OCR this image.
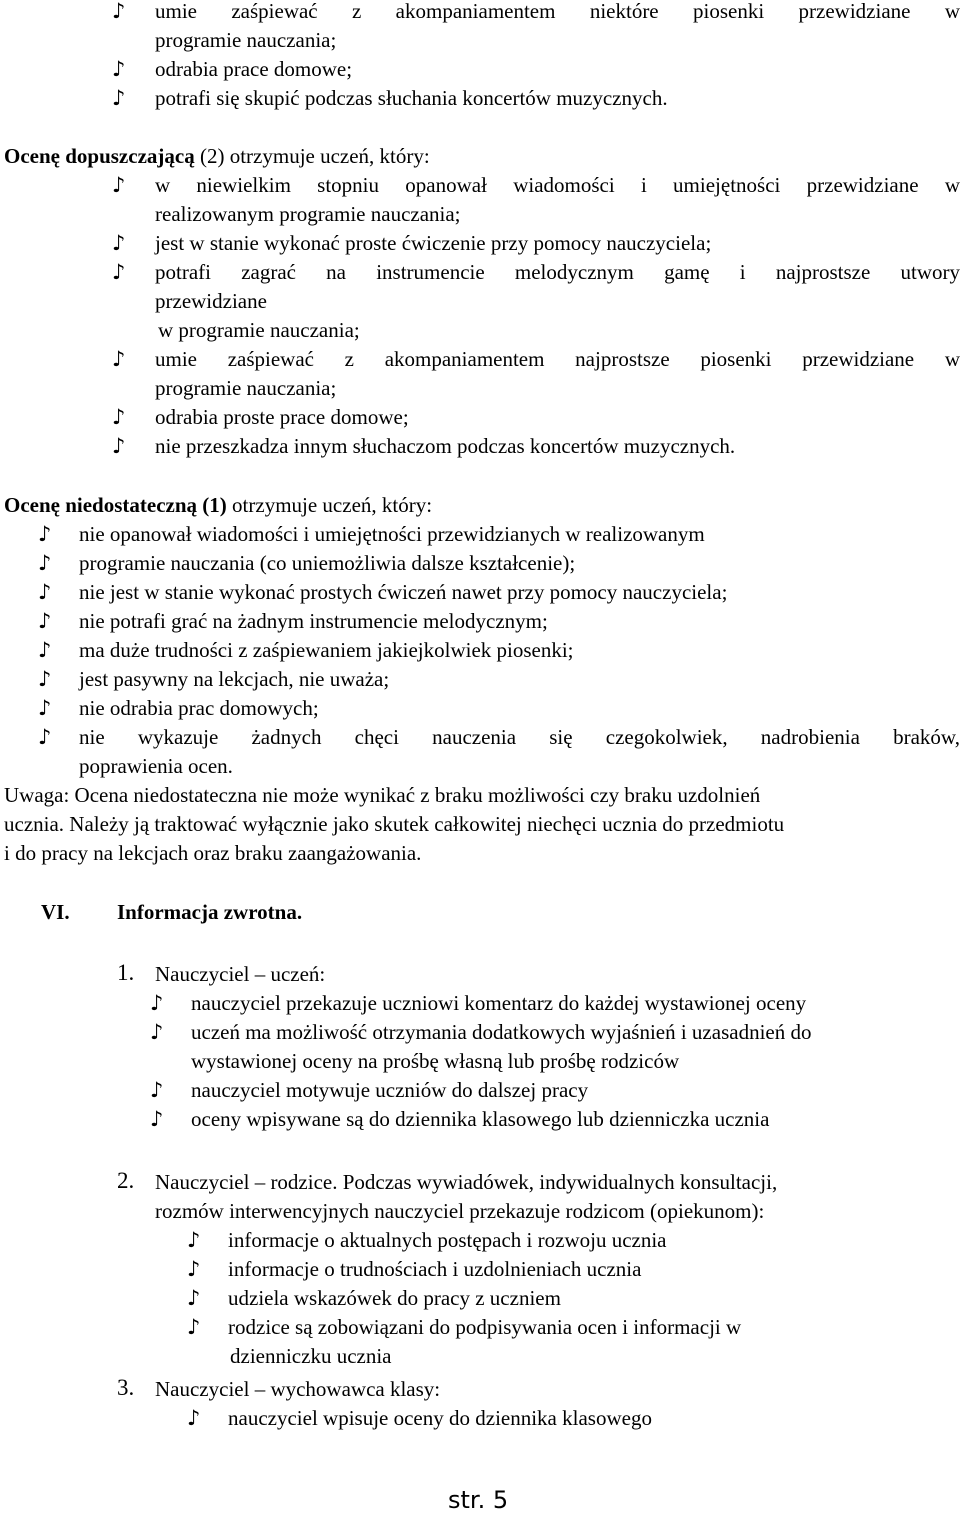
♪ umie zaśpiewać z akompaniamentem niektóre piosenki przewidziane w
programie nauczania;
♪ odrabia prace domowe;
♪ potrafi się skupić podczas słuchania koncertów muzycznych.
Ocenę dopuszczającą (2) otrzymuje uczeń, który:
♪ w niewielkim stopniu opanował wiadomości i umiejętności przewidziane w
realizowanym programie nauczania;
♪ jest w stanie wykonać proste ćwiczenie przy pomocy nauczyciela;
♪ potrafi zagrać na instrumencie melodycznym gamę i najprostsze utwory
przewidziane
w programie nauczania;
♪ umie zaśpiewać z akompaniamentem najprostsze piosenki przewidziane w
programie nauczania;
♪ odrabia proste prace domowe;
♪ nie przeszkadza innym słuchaczom podczas koncertów muzycznych.
Ocenę niedostateczną (1) otrzymuje uczeń, który:
♪ nie opanował wiadomości i umiejętności przewidzianych w realizowanym
♪ programie nauczania (co uniemożliwia dalsze kształcenie);
♪ nie jest w stanie wykonać prostych ćwiczeń nawet przy pomocy nauczyciela;
♪ nie potrafi grać na żadnym instrumencie melodycznym;
♪ ma duże trudności z zaśpiewaniem jakiejkolwiek piosenki;
♪ jest pasywny na lekcjach, nie uważa;
♪ nie odrabia prac domowych;
♪ nie wykazuje żadnych chęci nauczenia się czegokolwiek, nadrobienia braków,
poprawienia ocen.
Uwaga: Ocena niedostateczna nie może wynikać z braku możliwości czy braku uzdolnień
ucznia. Należy ją traktować wyłącznie jako skutek całkowitej niechęci ucznia do przedmiotu
i do pracy na lekcjach oraz braku zaangażowania.
VI. Informacja zwrotna.
1. Nauczyciel – uczeń:
♪ nauczyciel przekazuje uczniowi komentarz do każdej wystawionej oceny
♪ uczeń ma możliwość otrzymania dodatkowych wyjaśnień i uzasadnień do
wystawionej oceny na prośbę własną lub prośbę rodziców
♪ nauczyciel motywuje uczniów do dalszej pracy
♪ oceny wpisywane są do dziennika klasowego lub dzienniczka ucznia
2. Nauczyciel – rodzice. Podczas wywiadówek, indywidualnych konsultacji,
rozmów interwencyjnych nauczyciel przekazuje rodzicom (opiekunom):
♪ informacje o aktualnych postępach i rozwoju ucznia
♪ informacje o trudnościach i uzdolnieniach ucznia
♪ udziela wskazówek do pracy z uczniem
♪ rodzice są zobowiązani do podpisywania ocen i informacji w
dzienniczku ucznia
3. Nauczyciel – wychowawca klasy:
♪ nauczyciel wpisuje oceny do dziennika klasowego
str. 5
